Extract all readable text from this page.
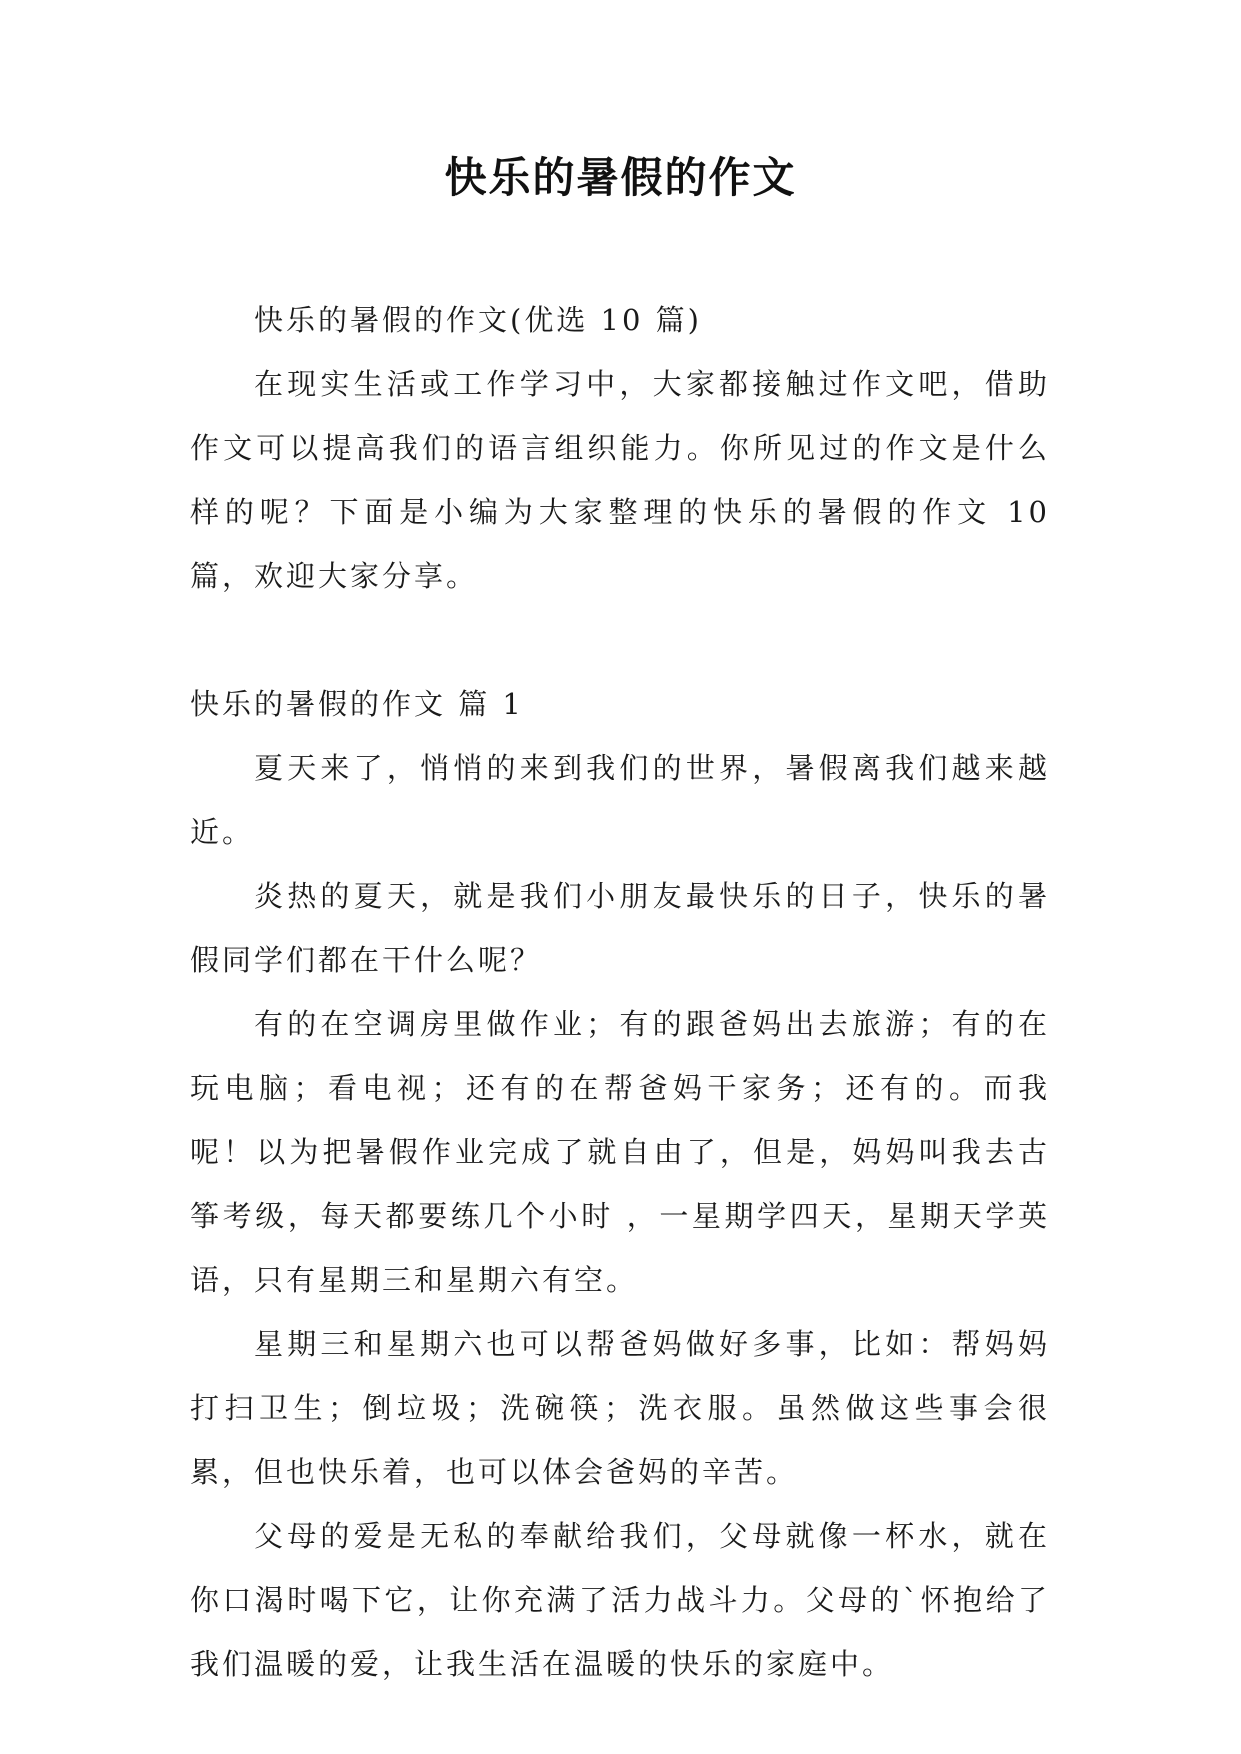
快乐的暑假的作文

快乐的暑假的作文(优选 10 篇)

在现实生活或工作学习中，大家都接触过作文吧，借助作文可以提高我们的语言组织能力。你所见过的作文是什么样的呢？下面是小编为大家整理的快乐的暑假的作文 10 篇，欢迎大家分享。

快乐的暑假的作文 篇 1

夏天来了，悄悄的来到我们的世界，暑假离我们越来越近。

炎热的夏天，就是我们小朋友最快乐的日子，快乐的暑假同学们都在干什么呢？

有的在空调房里做作业；有的跟爸妈出去旅游；有的在玩电脑；看电视；还有的在帮爸妈干家务；还有的。而我呢！以为把暑假作业完成了就自由了，但是，妈妈叫我去古筝考级，每天都要练几个小时 ，一星期学四天，星期天学英语，只有星期三和星期六有空。

星期三和星期六也可以帮爸妈做好多事，比如：帮妈妈打扫卫生；倒垃圾；洗碗筷；洗衣服。虽然做这些事会很累，但也快乐着，也可以体会爸妈的辛苦。

父母的爱是无私的奉献给我们，父母就像一杯水，就在你口渴时喝下它，让你充满了活力战斗力。父母的`怀抱给了我们温暖的爱，让我生活在温暖的快乐的家庭中。
